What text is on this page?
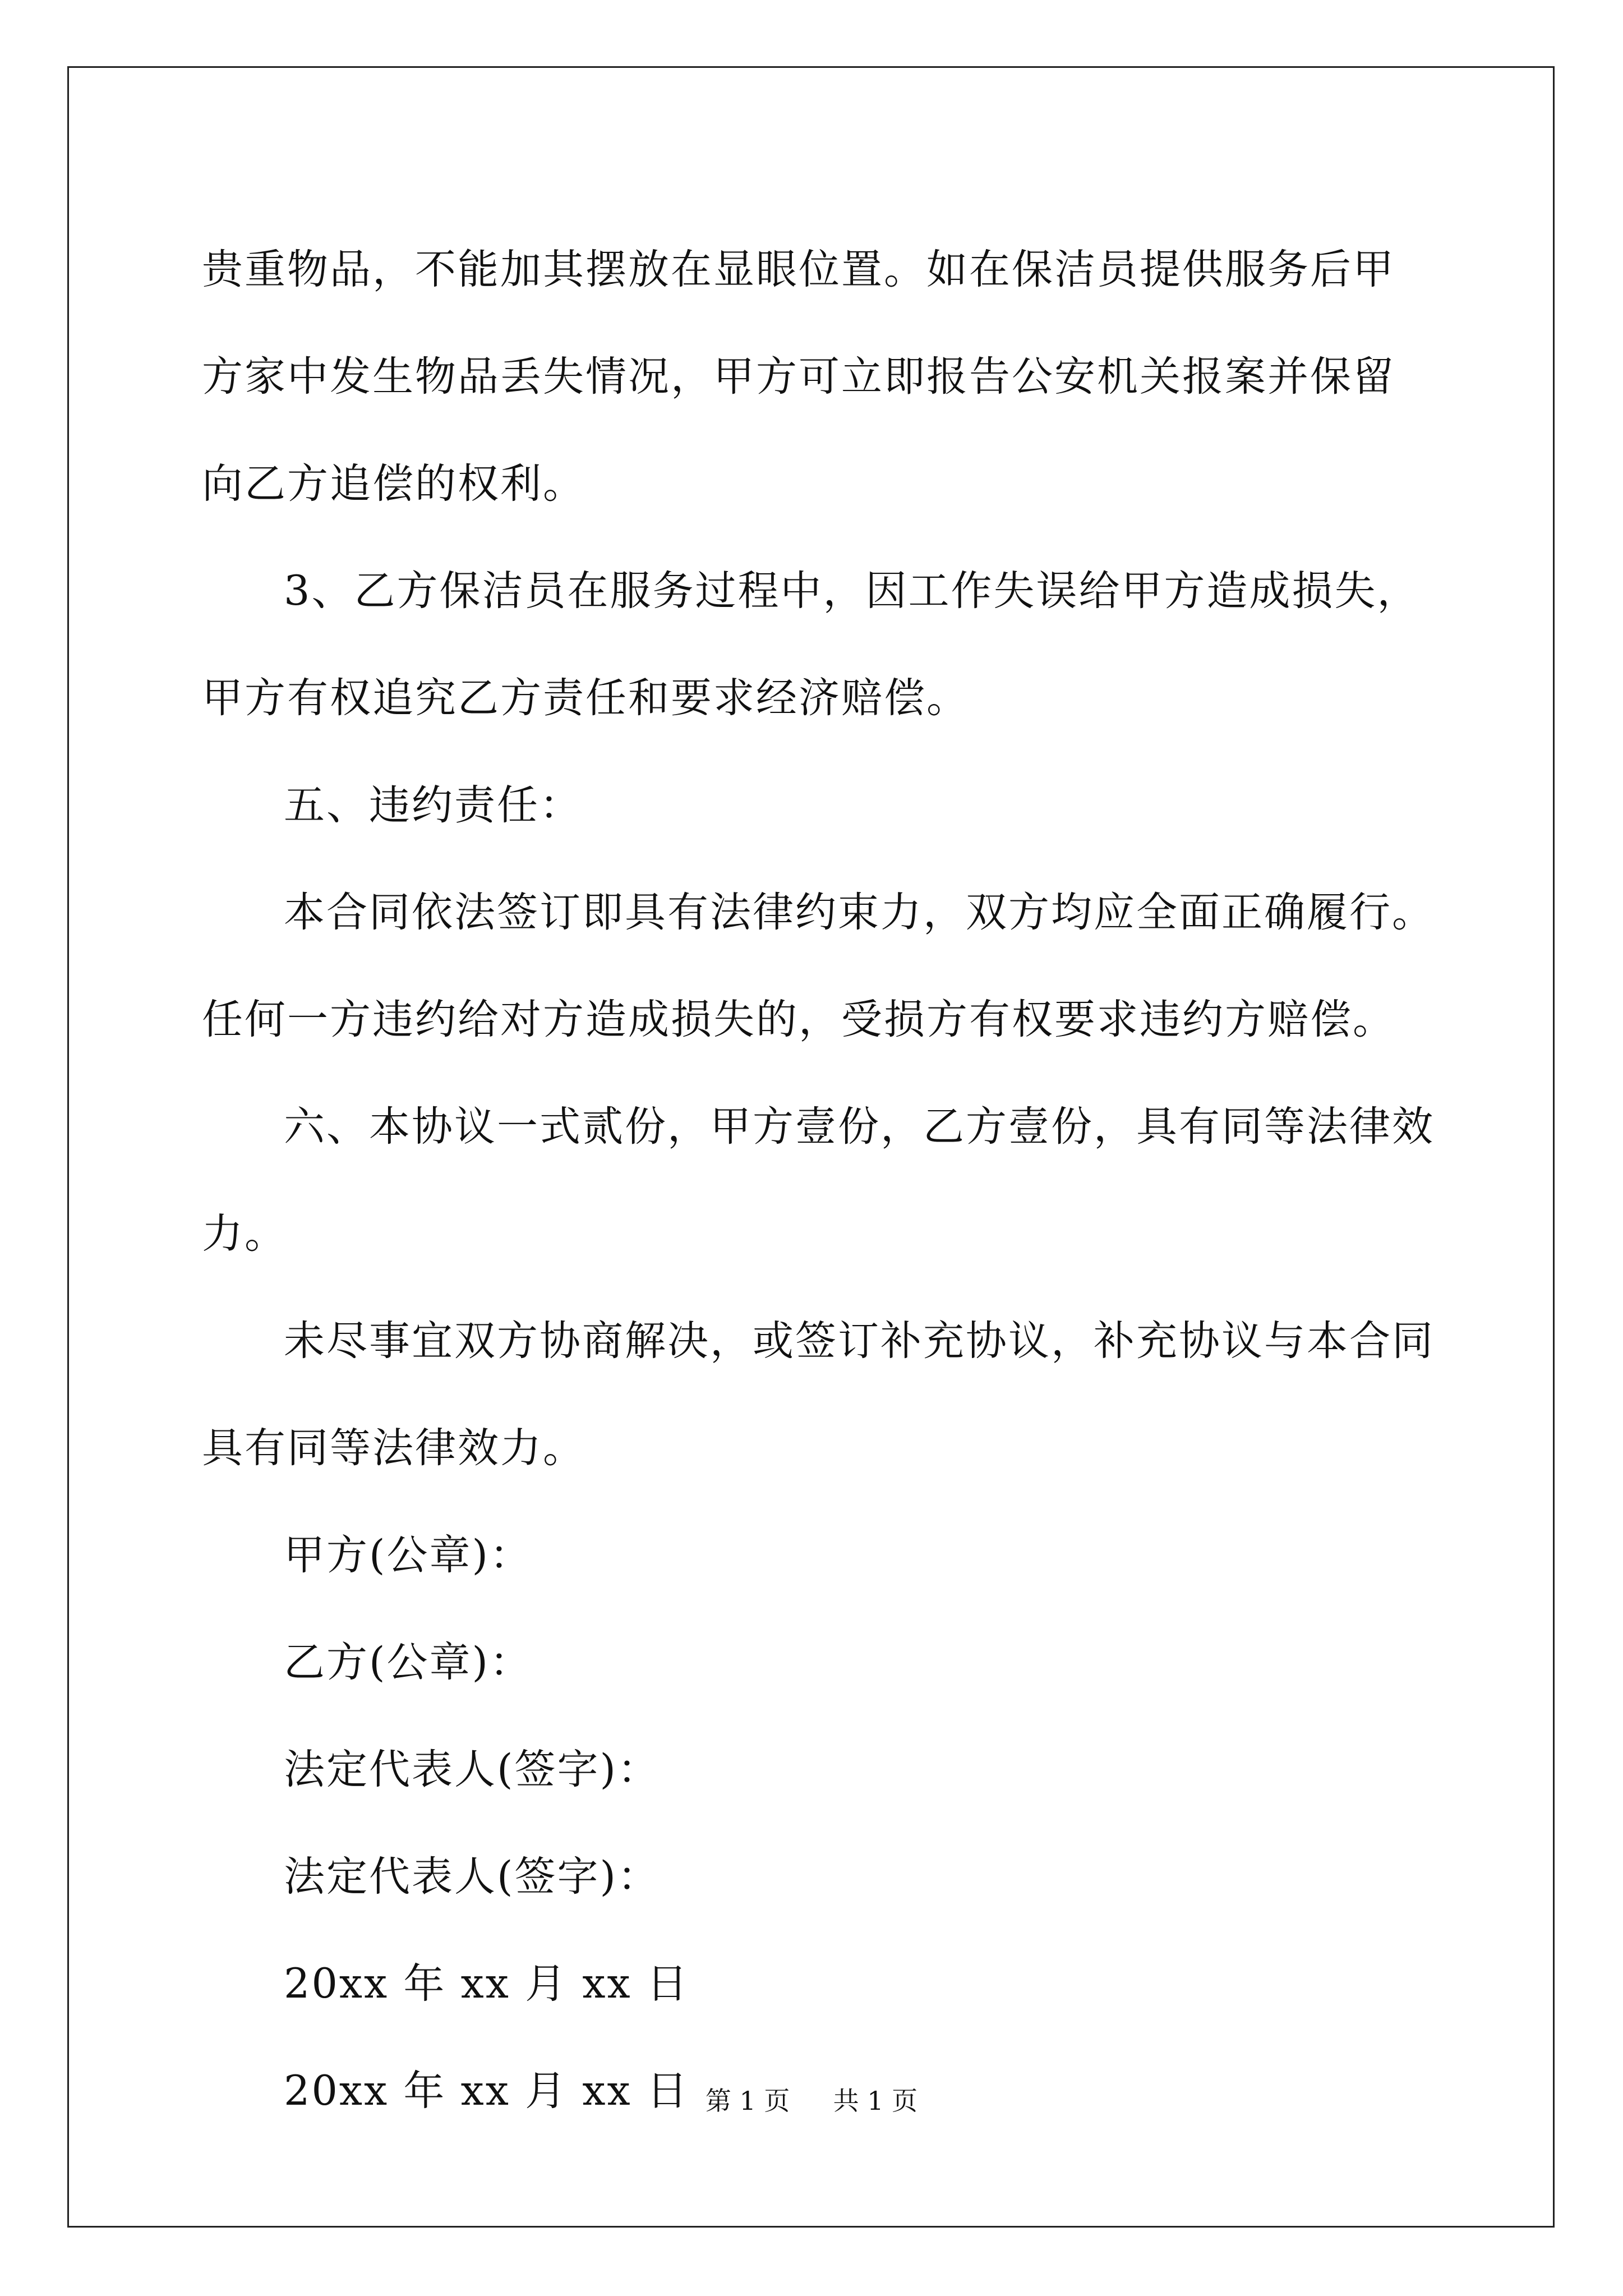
贵重物品，不能加其摆放在显眼位置。如在保洁员提供服务后甲方家中发生物品丢失情况，甲方可立即报告公安机关报案并保留向乙方追偿的权利。

3、乙方保洁员在服务过程中，因工作失误给甲方造成损失，甲方有权追究乙方责任和要求经济赔偿。

五、违约责任：

本合同依法签订即具有法律约束力，双方均应全面正确履行。任何一方违约给对方造成损失的，受损方有权要求违约方赔偿。

六、本协议一式贰份，甲方壹份，乙方壹份，具有同等法律效力。

未尽事宜双方协商解决，或签订补充协议，补充协议与本合同具有同等法律效力。

甲方(公章)：

乙方(公章)：

法定代表人(签字)：

法定代表人(签字)：

20xx 年 xx 月 xx 日

20xx 年 xx 月 xx 日 第 1 页 共 1 页
